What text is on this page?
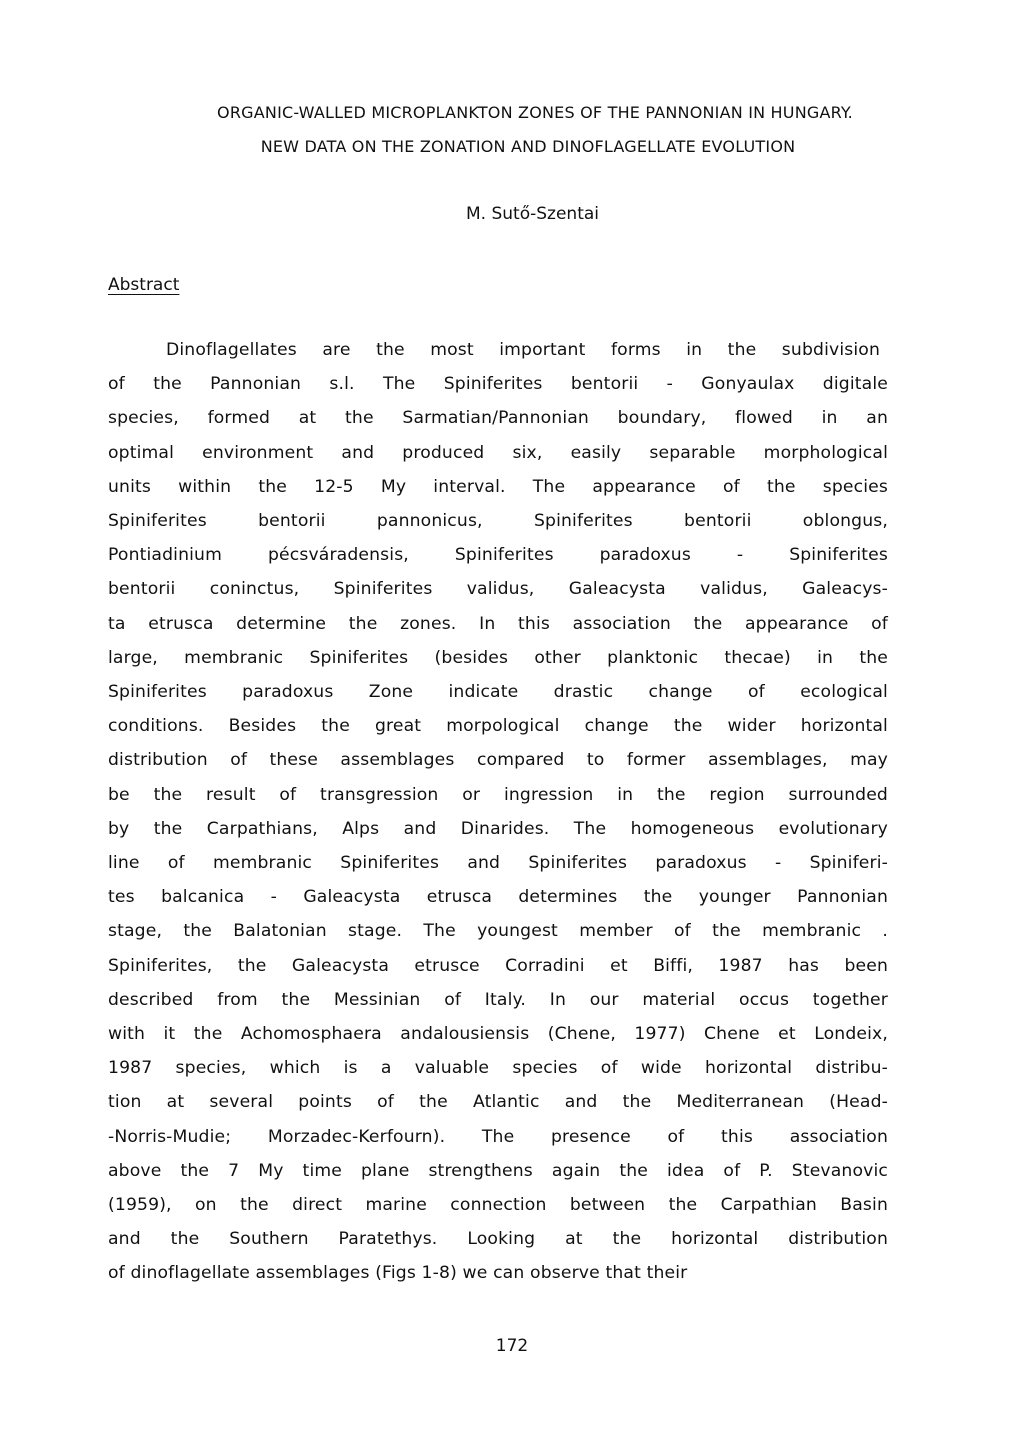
ORGANIC-WALLED MICROPLANKTON ZONES OF THE PANNONIAN IN HUNGARY.
NEW DATA ON THE ZONATION AND DINOFLAGELLATE EVOLUTION
M. Sutő-Szentai
Abstract
Dinoflagellates are the most important forms in the subdivision
of the Pannonian s.l. The Spiniferites bentorii - Gonyaulax digitale
species, formed at the Sarmatian/Pannonian boundary, flowed in an
optimal environment and produced six, easily separable morphological
units within the 12-5 My interval. The appearance of the species
Spiniferites bentorii pannonicus, Spiniferites bentorii oblongus,
Pontiadinium pécsváradensis, Spiniferites paradoxus - Spiniferites
bentorii coninctus, Spiniferites validus, Galeacysta validus, Galeacys-
ta etrusca determine the zones. In this association the appearance of
large, membranic Spiniferites (besides other planktonic thecae) in the
Spiniferites paradoxus Zone indicate drastic change of ecological
conditions. Besides the great morpological change the wider horizontal
distribution of these assemblages compared to former assemblages, may
be the result of transgression or ingression in the region surrounded
by the Carpathians, Alps and Dinarides. The homogeneous evolutionary
line of membranic Spiniferites and Spiniferites paradoxus - Spiniferi-
tes balcanica - Galeacysta etrusca determines the younger Pannonian
stage, the Balatonian stage. The youngest member of the membranic .
Spiniferites, the Galeacysta etrusce Corradini et Biffi, 1987 has been
described from the Messinian of Italy. In our material occus together
with it the Achomosphaera andalousiensis (Chene, 1977) Chene et Londeix,
1987 species, which is a valuable species of wide horizontal distribu-
tion at several points of the Atlantic and the Mediterranean (Head-
-Norris-Mudie; Morzadec-Kerfourn). The presence of this association
above the 7 My time plane strengthens again the idea of P. Stevanovic
(1959), on the direct marine connection between the Carpathian Basin
and the Southern Paratethys. Looking at the horizontal distribution
of dinoflagellate assemblages (Figs 1-8) we can observe that their
172
